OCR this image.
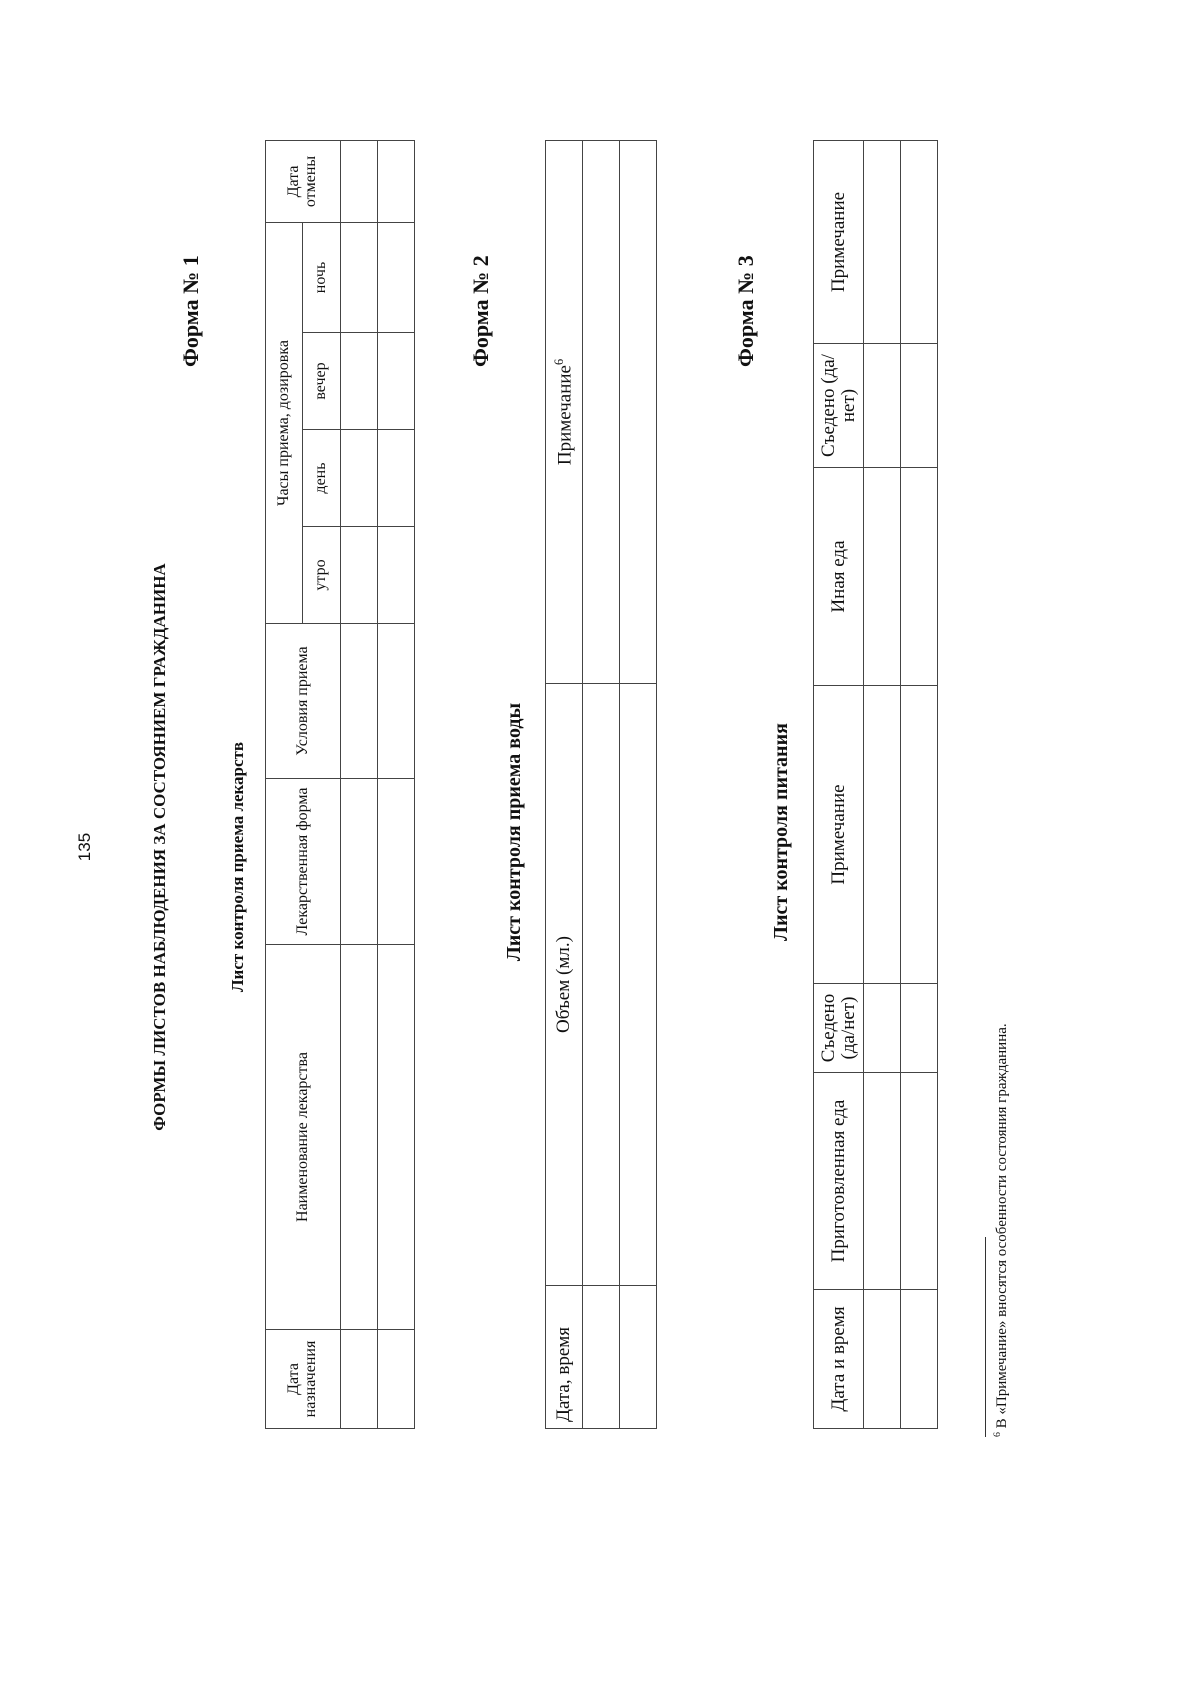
135	ФОРМЫ ЛИСТОВ НАБЛЮДЕНИЯ ЗА СОСТОЯНИЕМ ГРАЖДАНИНА
Форма № 1
Лист контроля приема лекарств
Дата назначения	Наименование лекарства	Лекарственная форма	Условия приема	Часы приема, дозировка				Дата отмены
				утро	день	вечер	ночь	

									Форма № 2
Лист контроля приема воды
Дата, время	Объем (мл.)	Примечание$^6$

			Форма № 3
Лист контроля питания
Дата и время	Приготовленная еда	Съедено (да/нет)	Примечание	Иная еда	Съедено (да/нет)	Примечание

$^6$ В «Примечание» вносятся особенности состояния гражданина.
